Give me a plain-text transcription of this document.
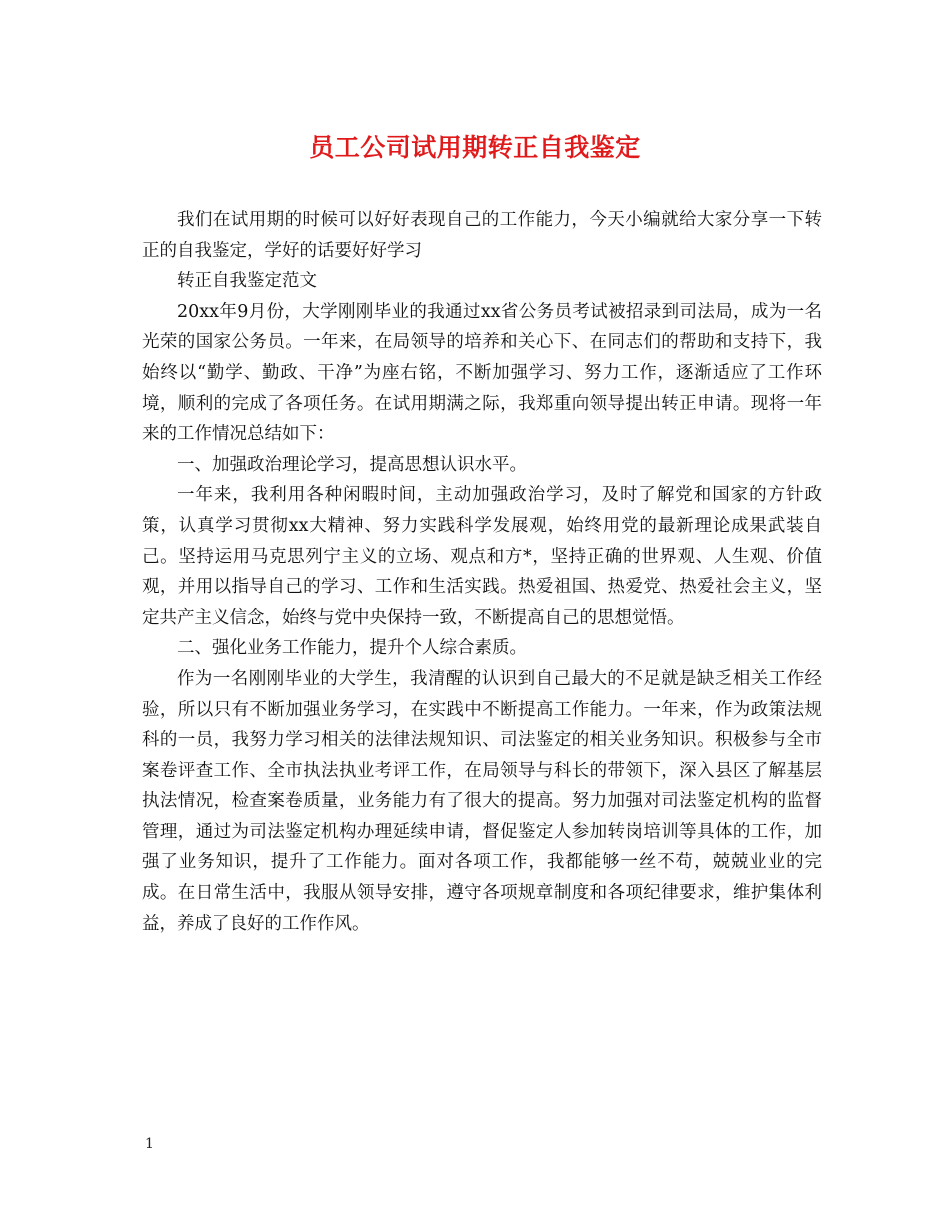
员工公司试用期转正自我鉴定

我们在试用期的时候可以好好表现自己的工作能力，今天小编就给大家分享一下转正的自我鉴定，学好的话要好好学习

转正自我鉴定范文

20xx年9月份，大学刚刚毕业的我通过xx省公务员考试被招录到司法局，成为一名光荣的国家公务员。一年来，在局领导的培养和关心下、在同志们的帮助和支持下，我始终以“勤学、勤政、干净”为座右铭，不断加强学习、努力工作，逐渐适应了工作环境，顺利的完成了各项任务。在试用期满之际，我郑重向领导提出转正申请。现将一年来的工作情况总结如下：

一、加强政治理论学习，提高思想认识水平。

一年来，我利用各种闲暇时间，主动加强政治学习，及时了解党和国家的方针政策，认真学习贯彻xx大精神、努力实践科学发展观，始终用党的最新理论成果武装自己。坚持运用马克思列宁主义的立场、观点和方*，坚持正确的世界观、人生观、价值观，并用以指导自己的学习、工作和生活实践。热爱祖国、热爱党、热爱社会主义，坚定共产主义信念，始终与党中央保持一致，不断提高自己的思想觉悟。

二、强化业务工作能力，提升个人综合素质。

作为一名刚刚毕业的大学生，我清醒的认识到自己最大的不足就是缺乏相关工作经验，所以只有不断加强业务学习，在实践中不断提高工作能力。一年来，作为政策法规科的一员，我努力学习相关的法律法规知识、司法鉴定的相关业务知识。积极参与全市案卷评查工作、全市执法执业考评工作，在局领导与科长的带领下，深入县区了解基层执法情况，检查案卷质量，业务能力有了很大的提高。努力加强对司法鉴定机构的监督管理，通过为司法鉴定机构办理延续申请，督促鉴定人参加转岗培训等具体的工作，加强了业务知识，提升了工作能力。面对各项工作，我都能够一丝不苟，兢兢业业的完成。在日常生活中，我服从领导安排，遵守各项规章制度和各项纪律要求，维护集体利益，养成了良好的工作作风。

1
